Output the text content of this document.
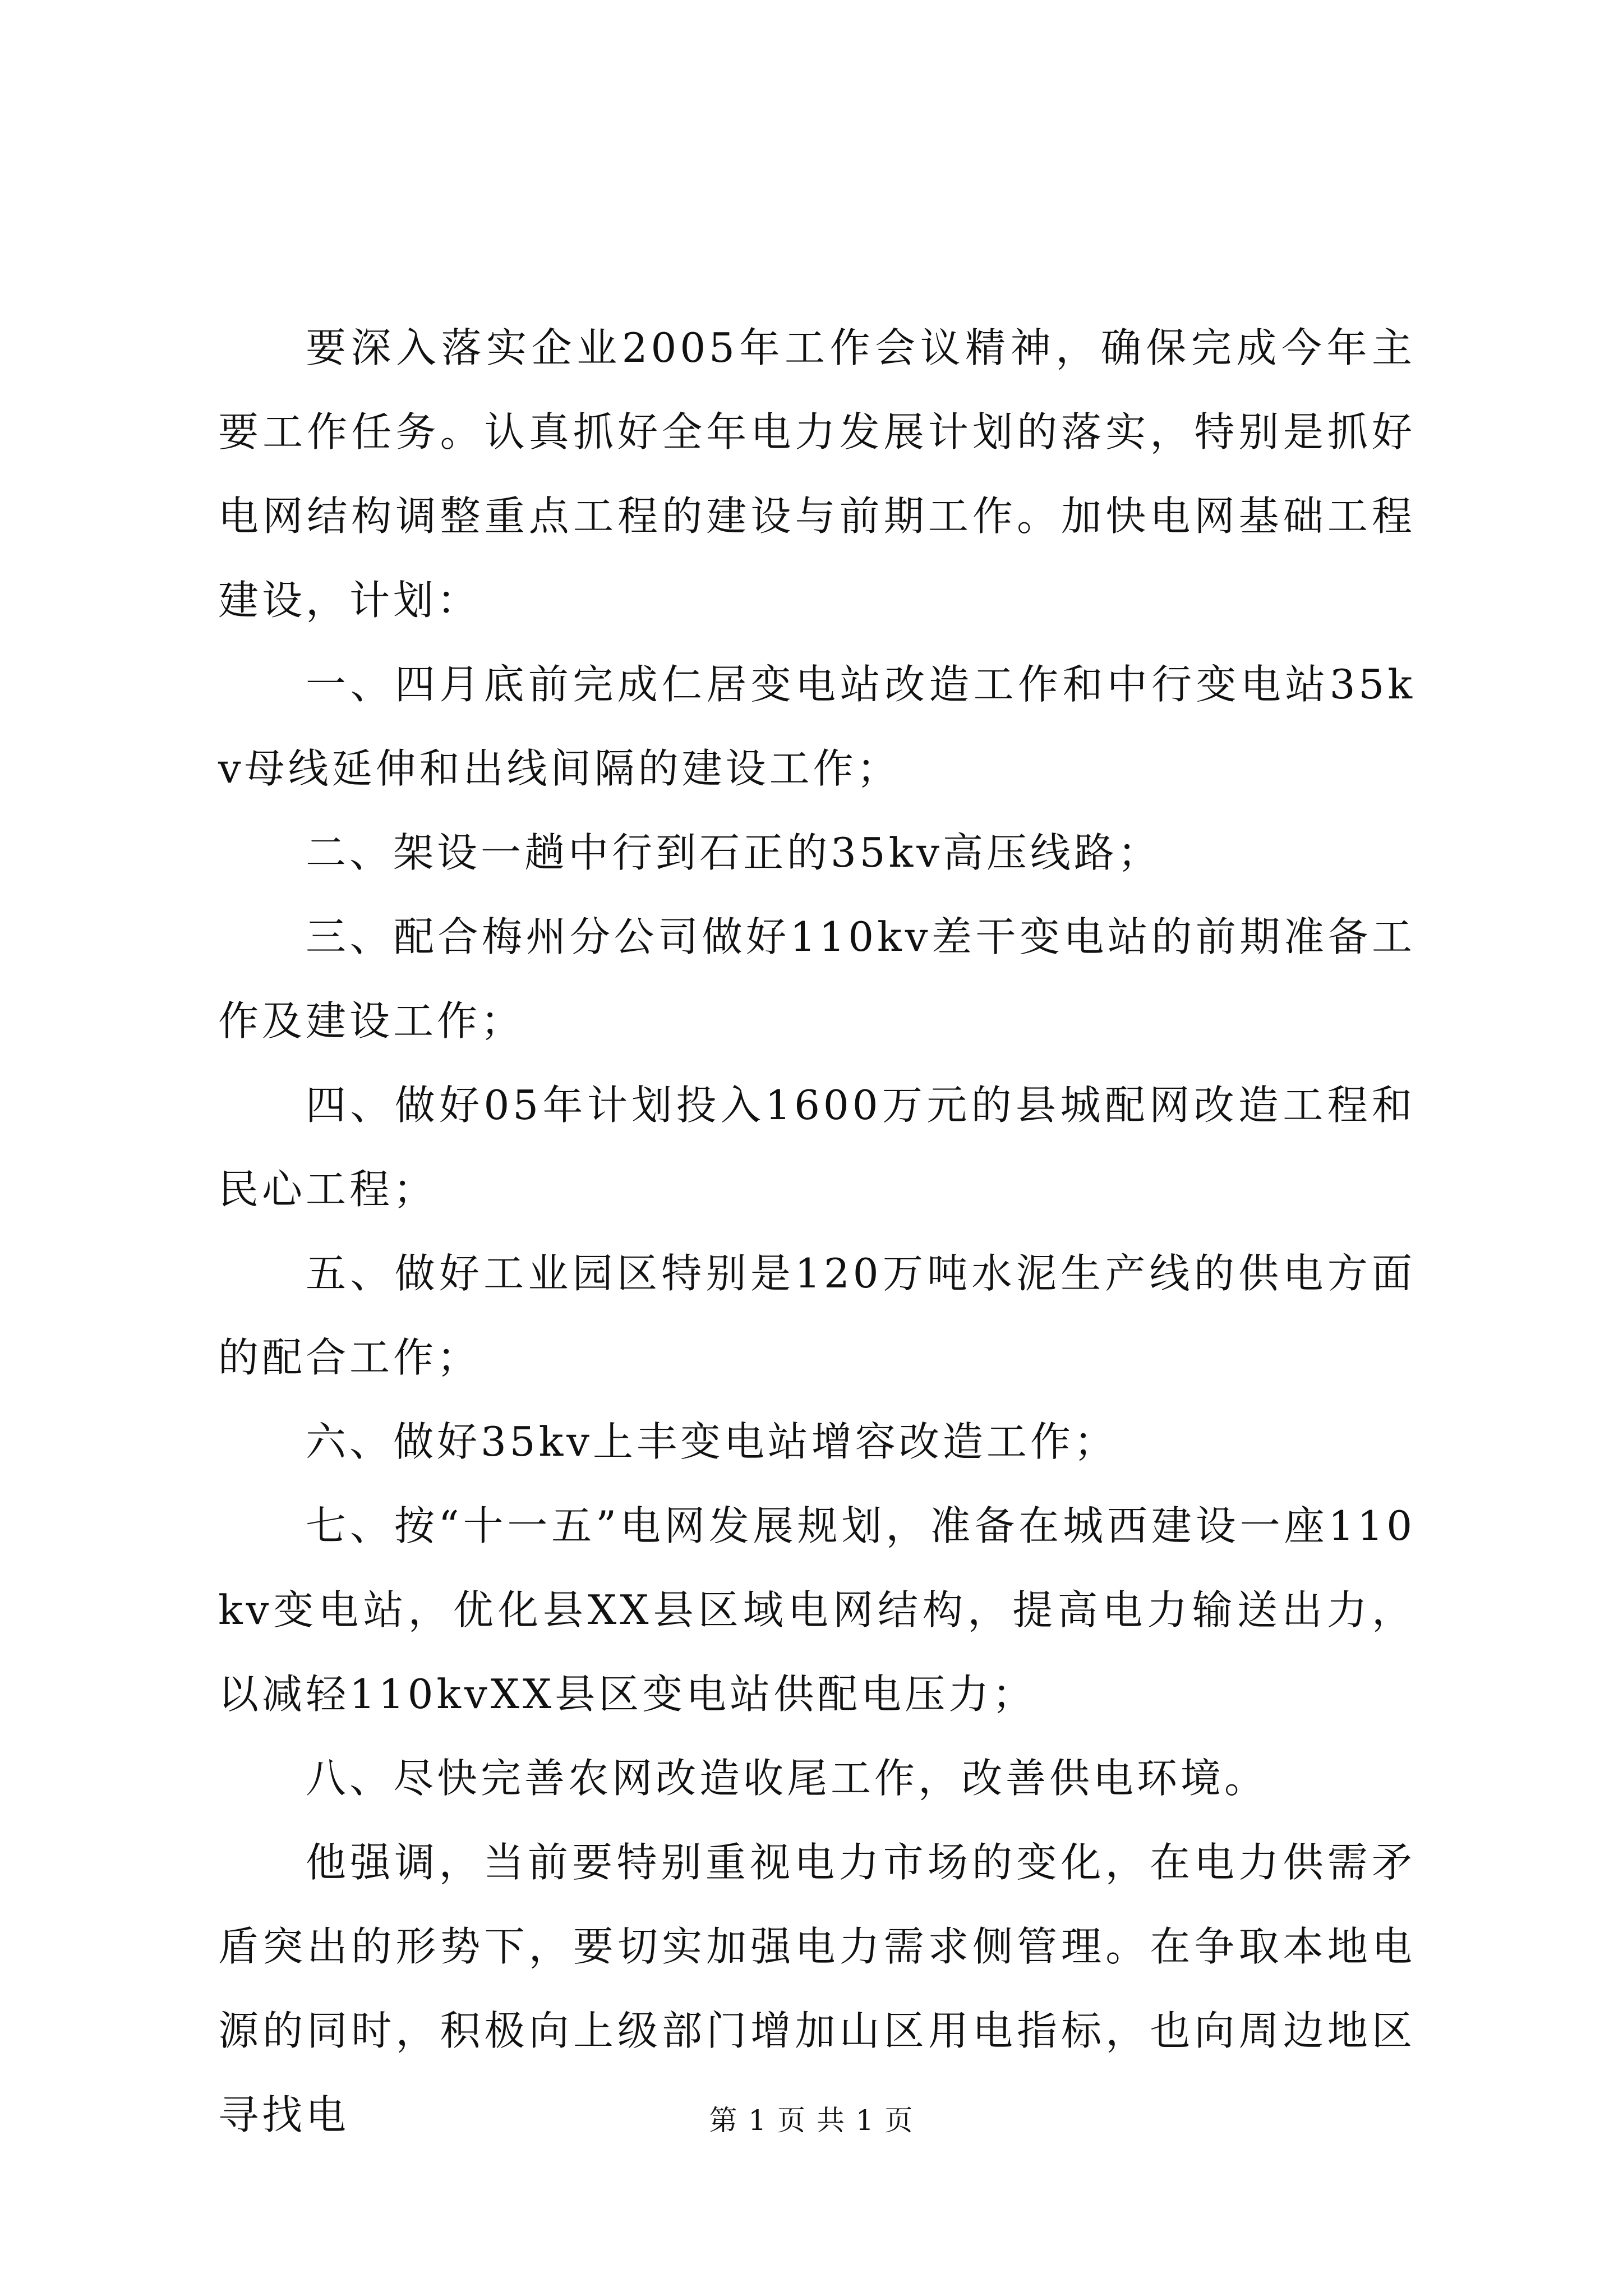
要深入落实企业2005年工作会议精神，确保完成今年主要工作任务。认真抓好全年电力发展计划的落实，特别是抓好电网结构调整重点工程的建设与前期工作。加快电网基础工程建设，计划：

一、四月底前完成仁居变电站改造工作和中行变电站35kv母线延伸和出线间隔的建设工作；

二、架设一趟中行到石正的35kv高压线路；

三、配合梅州分公司做好110kv差干变电站的前期准备工作及建设工作；

四、做好05年计划投入1600万元的县城配网改造工程和民心工程；

五、做好工业园区特别是120万吨水泥生产线的供电方面的配合工作；

六、做好35kv上丰变电站增容改造工作；

七、按“十一五”电网发展规划，准备在城西建设一座110kv变电站，优化县XX县区域电网结构，提高电力输送出力，以减轻110kvXX县区变电站供配电压力；

八、尽快完善农网改造收尾工作，改善供电环境。

他强调，当前要特别重视电力市场的变化，在电力供需矛盾突出的形势下，要切实加强电力需求侧管理。在争取本地电源的同时，积极向上级部门增加山区用电指标，也向周边地区寻找电	第 1 页 共 1 页
